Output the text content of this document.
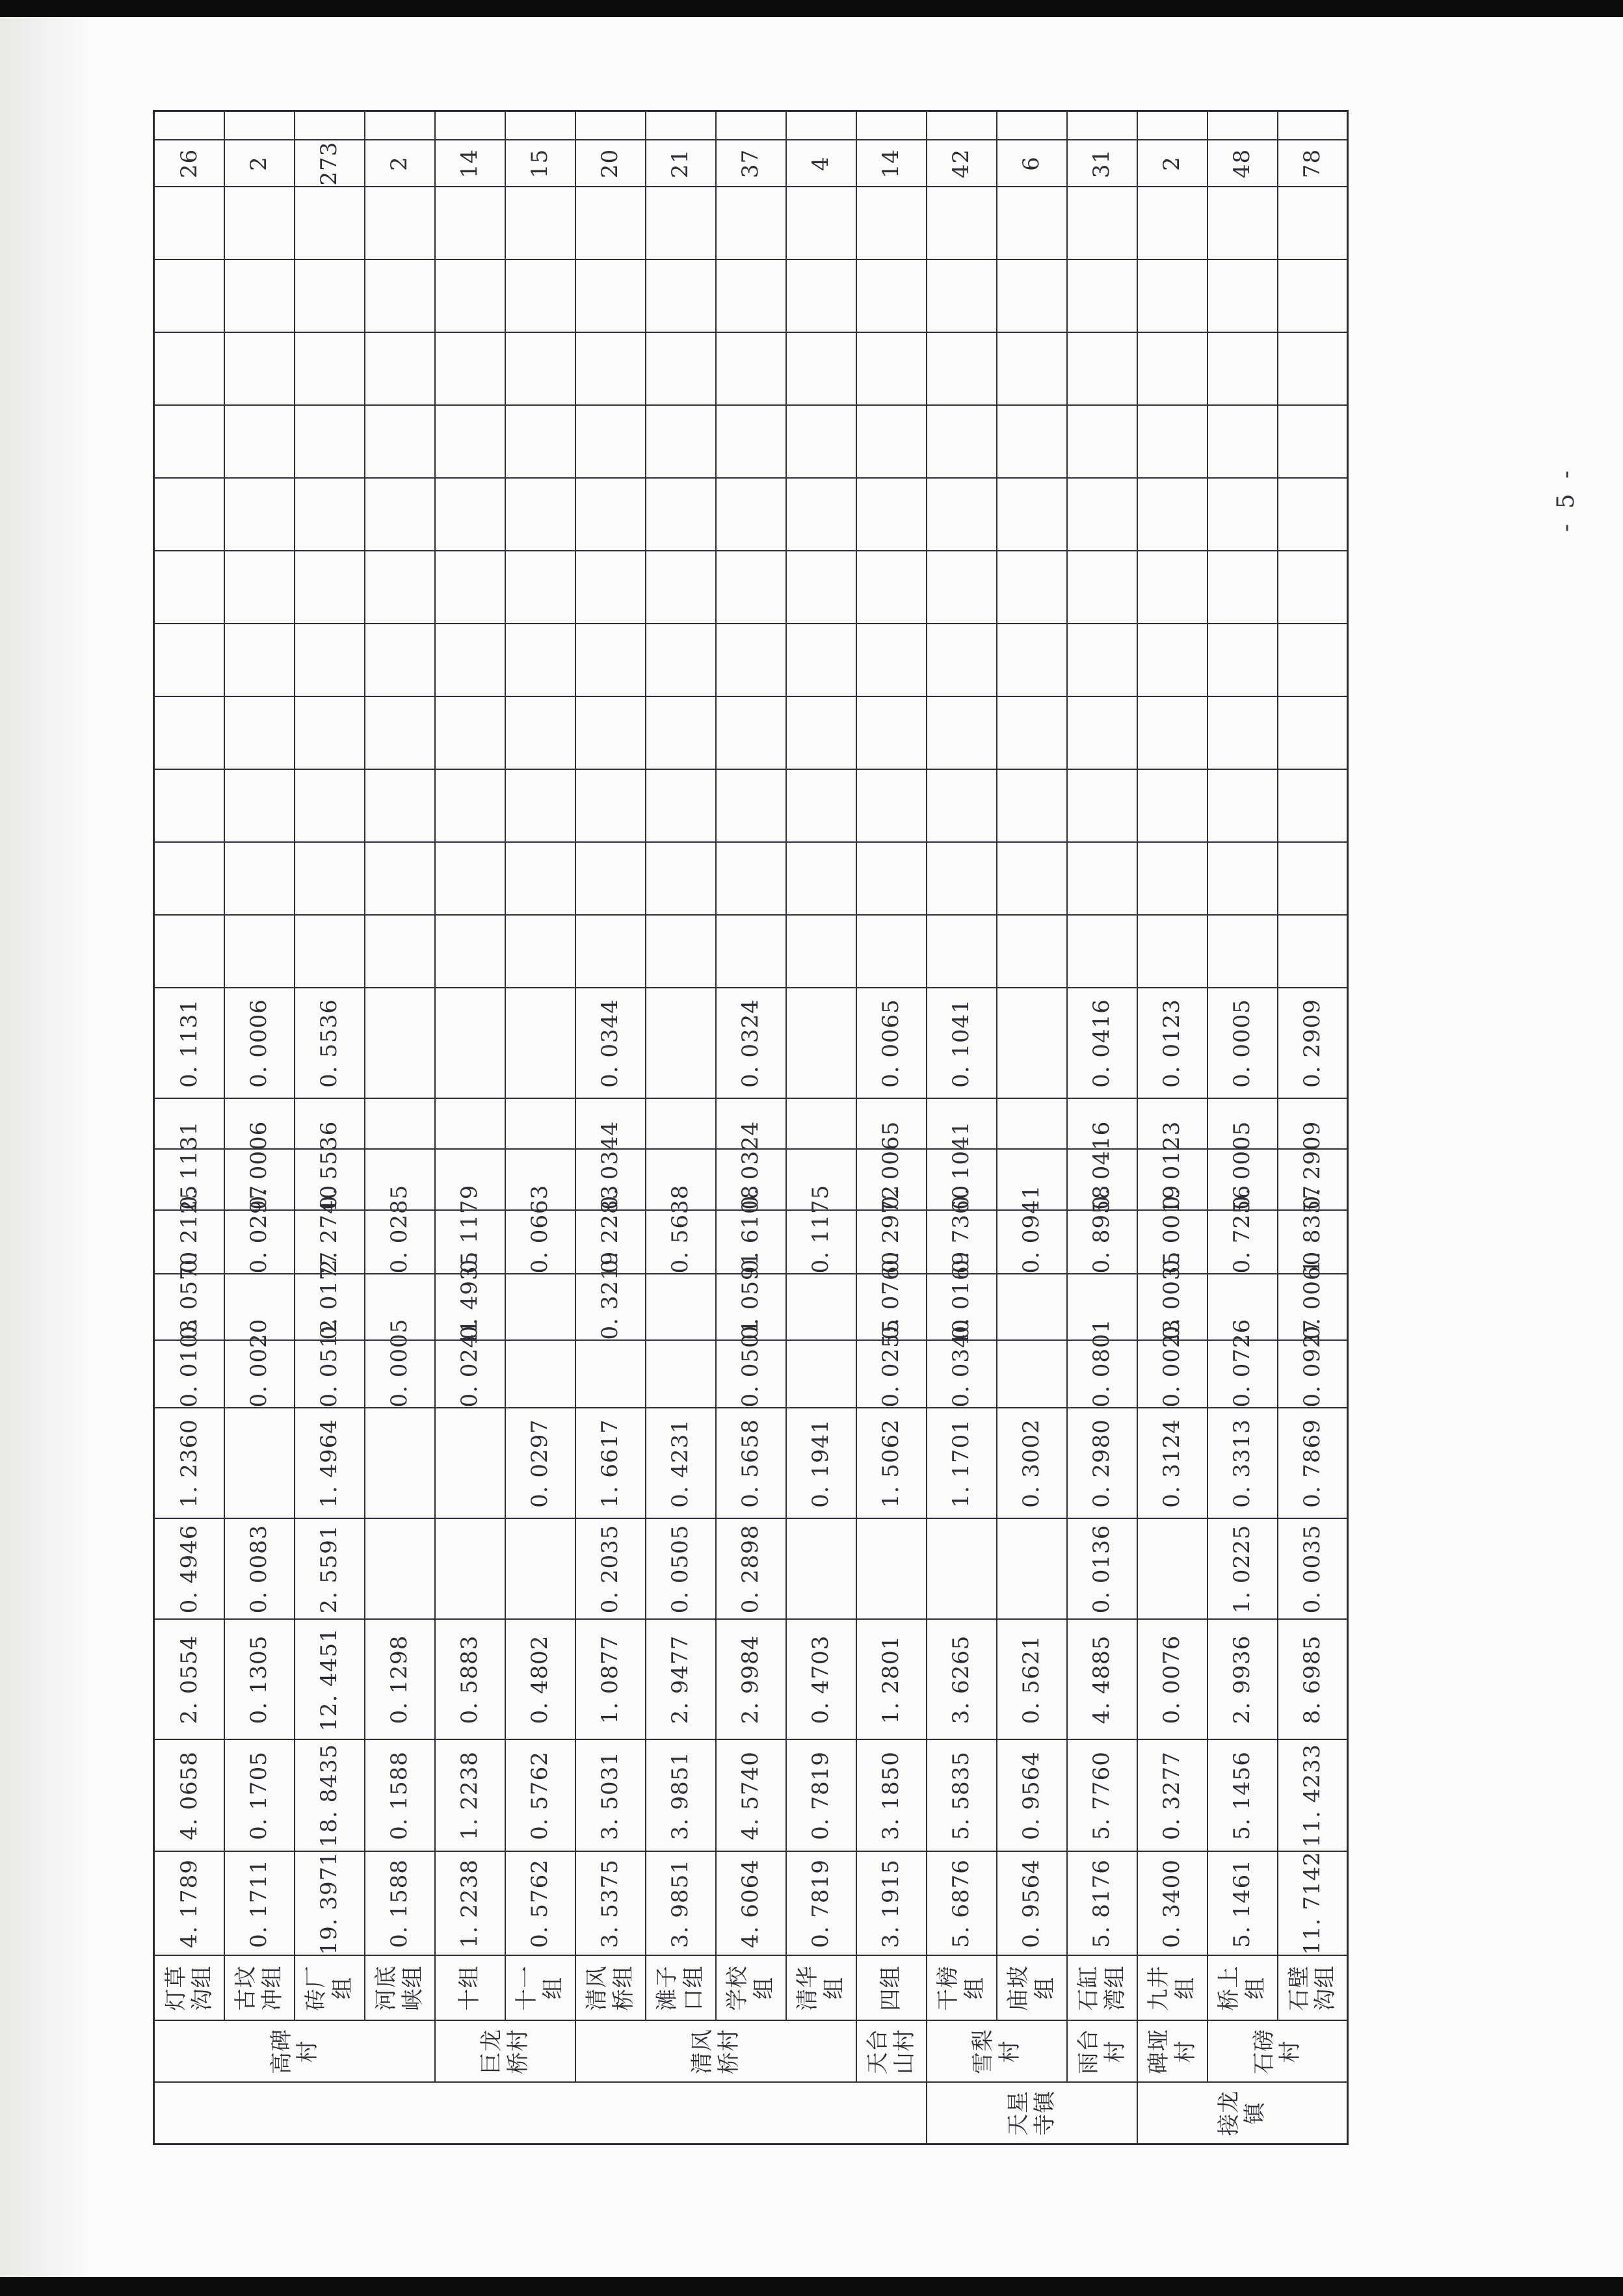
- 5 -
	高碑村	灯草沟组	4. 1789	4. 0658	2. 0554	0. 4946	1. 2360	0. 0103	0. 0570	0. 2125	0. 1131		0. 1131												26	
		古坟冲组	0. 1711	0. 1705	0. 1305	0. 0083		0. 0020		0. 0297	0. 0006		0. 0006												2	
		砖厂组	19. 3971	18. 8435	12. 4451	2. 5591	1. 4964	0. 0512	0. 0177	2. 2740	0. 5536		0. 5536												273	
		河底峡组	0. 1588	0. 1588	0. 1298			0. 0005		0. 0285															2	
	巨龙桥村	十组	1. 2238	1. 2238	0. 5883			0. 0241	0. 4935	0. 1179															14	
		十一组	0. 5762	0. 5762	0. 4802		0. 0297			0. 0663															15	
	清风桥村	清风桥组	3. 5375	3. 5031	1. 0877	0. 2035	1. 6617		0. 3219	0. 2283	0. 0344		0. 0344												20	
		滩子口组	3. 9851	3. 9851	2. 9477	0. 0505	0. 4231			0. 5638															21	
		学校组	4. 6064	4. 5740	2. 9984	0. 2898	0. 5658	0. 0501	0. 0591	0. 6108	0. 0324		0. 0324												37	
		清华组	0. 7819	0. 7819	0. 4703		0. 1941			0. 1175															4	
	天台山村	四组	3. 1915	3. 1850	1. 2801		1. 5062	0. 0255	0. 0760	0. 2972	0. 0065		0. 0065												14	
天星寺镇	雪梨村	干榜组	5. 6876	5. 5835	3. 6265		1. 1701	0. 0340	0. 0169	0. 7360	0. 1041		0. 1041												42	
		庙坡组	0. 9564	0. 9564	0. 5621		0. 3002			0. 0941															6	
	雨台村	石缸湾组	5. 8176	5. 7760	4. 4885	0. 0136	0. 2980	0. 0801		0. 8958	0. 0416		0. 0416												31	
接龙镇	碑垭村	九井组	0. 3400	0. 3277	0. 0076		0. 3124	0. 0023	0. 0035	0. 0019	0. 0123		0. 0123												2	
	石磅村	桥上组	5. 1461	5. 1456	2. 9936	1. 0225	0. 3313	0. 0726		0. 7256	0. 0005		0. 0005												48	
		石壁沟组	11. 7142	11. 4233	8. 6985	0. 0035	0. 7869	0. 0927	0. 0060	1. 8357	0. 2909		0. 2909												78	
